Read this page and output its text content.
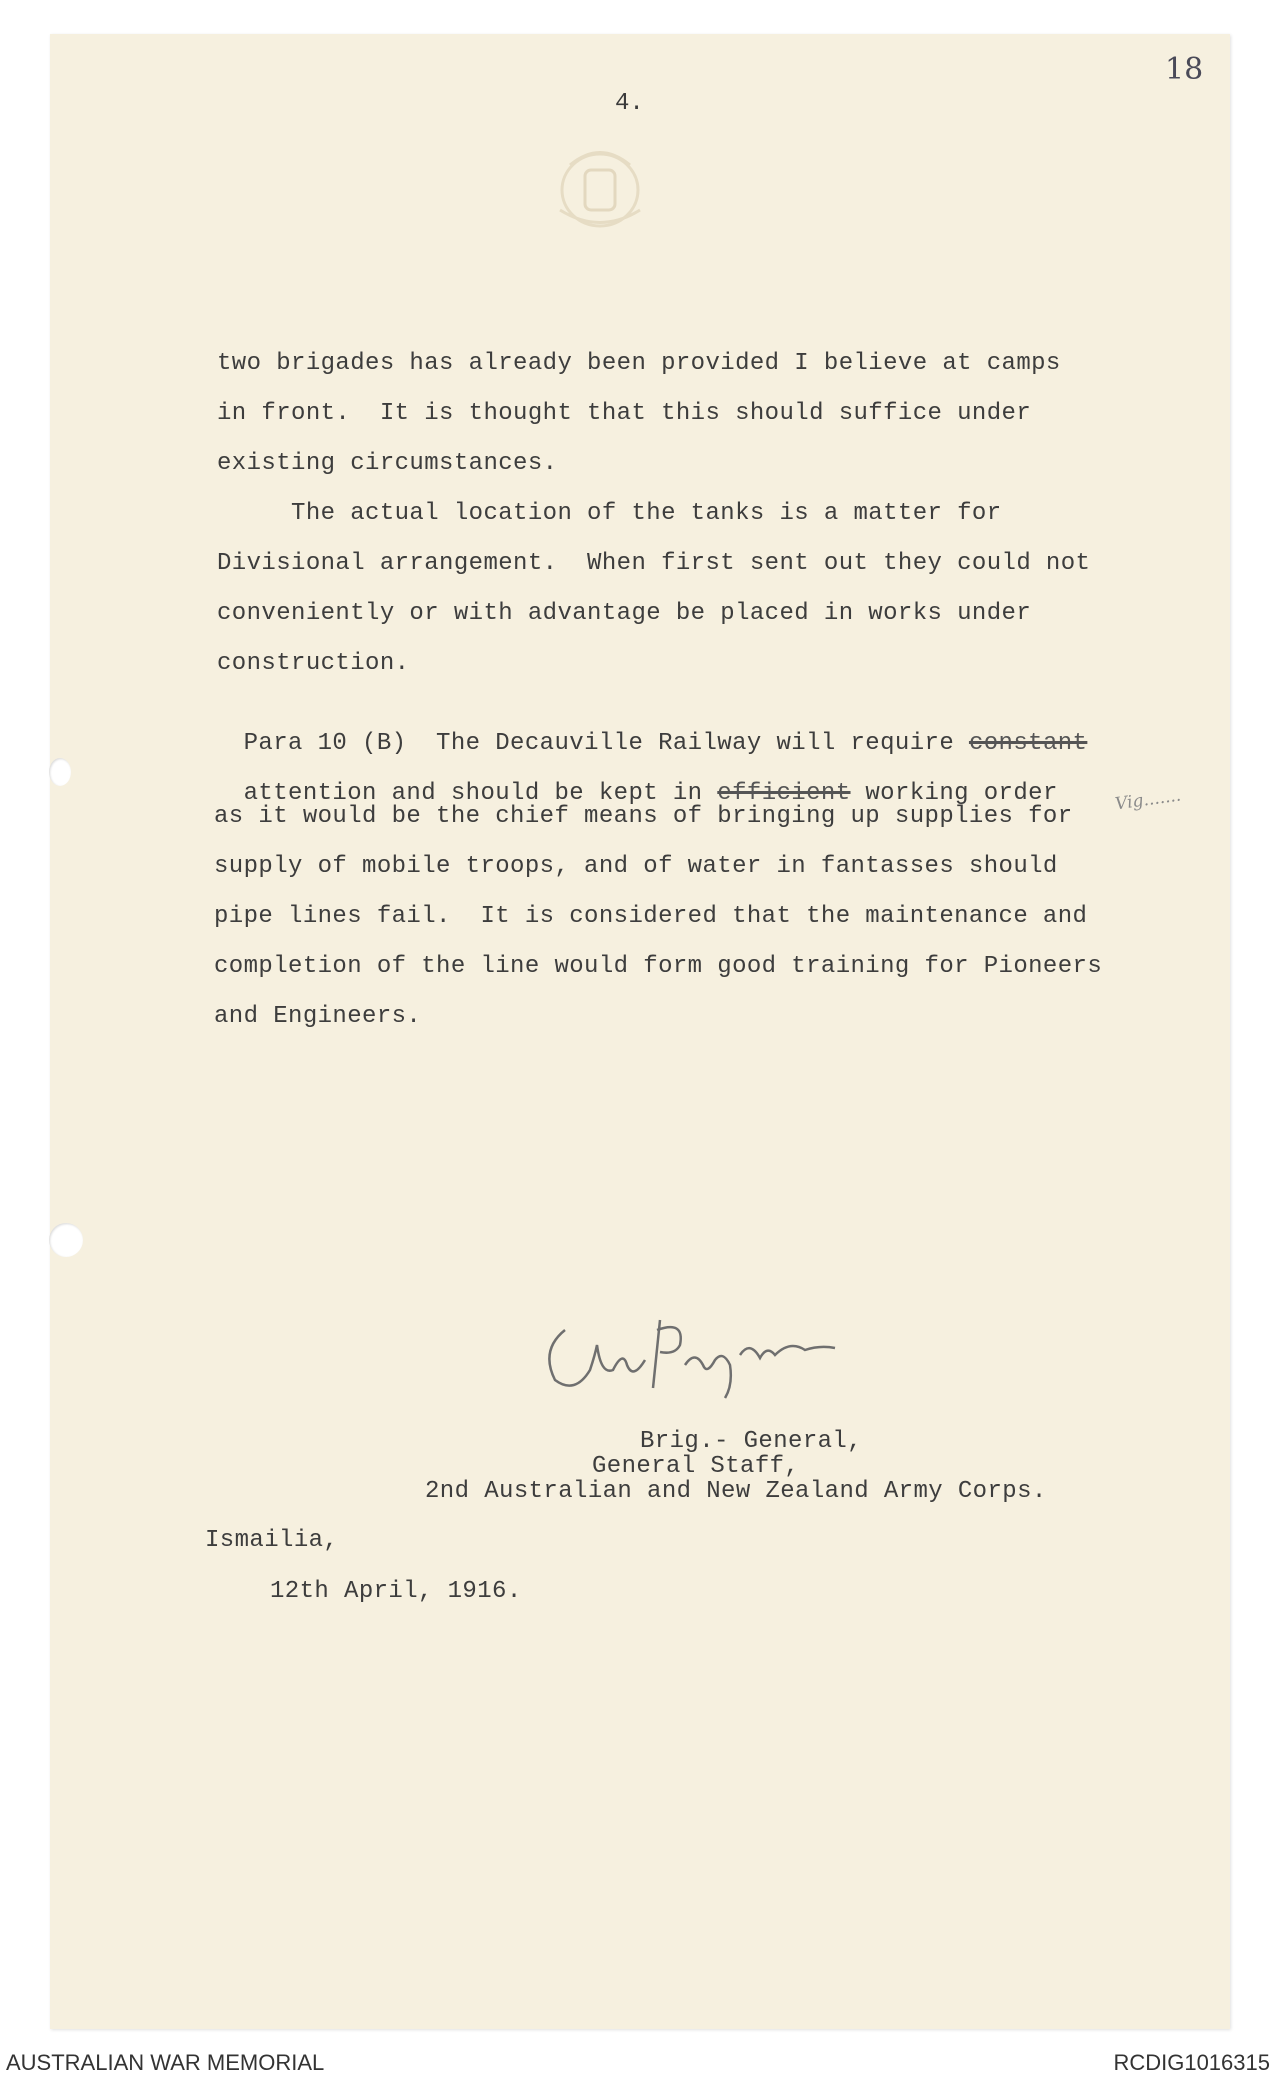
18
4.
two brigades has already been provided I believe at camps
in front.  It is thought that this should suffice under
existing circumstances.
The actual location of the tanks is a matter for
Divisional arrangement.  When first sent out they could not
conveniently or with advantage be placed in works under
construction.

Para 10 (B)  The Decauville Railway will require constant

attention and should be kept in efficient working order

as it would be the chief means of bringing up supplies for
supply of mobile troops, and of water in fantasses should
pipe lines fail.  It is considered that the maintenance and
completion of the line would form good training for Pioneers
and Engineers.
Vig.......
Brig.- General,
General Staff,
2nd Australian and New Zealand Army Corps.
Ismailia,
12th April, 1916.
AUSTRALIAN WAR MEMORIAL	RCDIG1016315
